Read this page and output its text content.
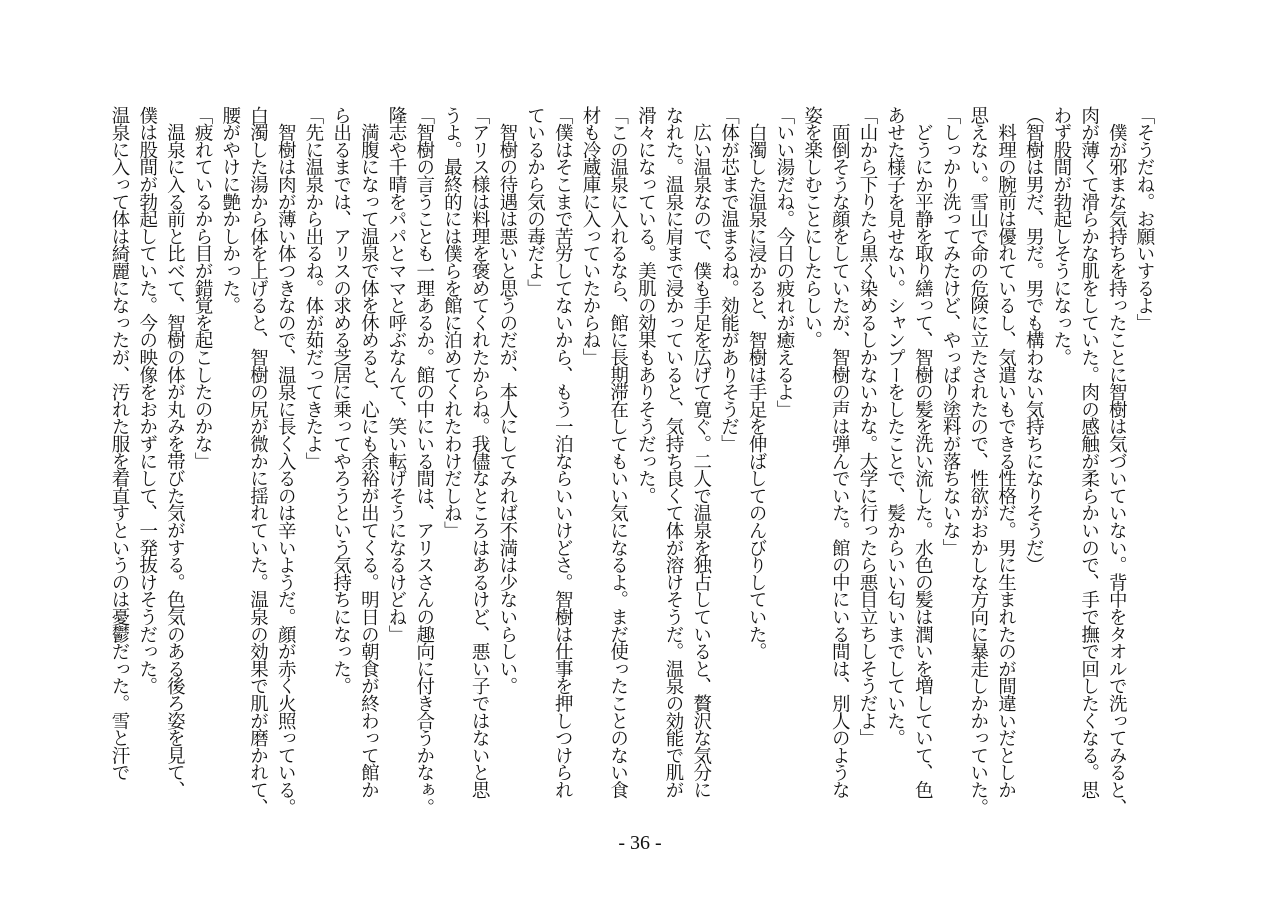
「そうだね。お願いするよ」
　僕が邪まな気持ちを持ったことに智樹は気づいていない。背中をタオルで洗ってみると、
肉が薄くて滑らかな肌をしていた。肉の感触が柔らかいので、手で撫で回したくなる。思
わず股間が勃起しそうになった。
（智樹は男だ、男だ。男でも構わない気持ちになりそうだ）
　料理の腕前は優れているし、気遣いもできる性格だ。男に生まれたのが間違いだとしか
思えない。雪山で命の危険に立たされたので、性欲がおかしな方向に暴走しかかっていた。
「しっかり洗ってみたけど、やっぱり塗料が落ちないな」
　どうにか平静を取り繕って、智樹の髪を洗い流した。水色の髪は潤いを増していて、色
あせた様子を見せない。シャンプーをしたことで、髪からいい匂いまでしていた。
「山から下りたら黒く染めるしかないかな。大学に行ったら悪目立ちしそうだよ」
　面倒そうな顔をしていたが、智樹の声は弾んでいた。館の中にいる間は、別人のような
姿を楽しむことにしたらしい。
「いい湯だね。今日の疲れが癒えるよ」
　白濁した温泉に浸かると、智樹は手足を伸ばしてのんびりしていた。
「体が芯まで温まるね。効能がありそうだ」
　広い温泉なので、僕も手足を広げて寛ぐ。二人で温泉を独占していると、贅沢な気分に
なれた。温泉に肩まで浸かっていると、気持ち良くて体が溶けそうだ。温泉の効能で肌が
滑々になっている。美肌の効果もありそうだった。
「この温泉に入れるなら、館に長期滞在してもいい気になるよ。まだ使ったことのない食
材も冷蔵庫に入っていたからね」
「僕はそこまで苦労してないから、もう一泊ならいいけどさ。智樹は仕事を押しつけられ
ているから気の毒だよ」
　智樹の待遇は悪いと思うのだが、本人にしてみれば不満は少ないらしい。
「アリス様は料理を褒めてくれたからね。我儘なところはあるけど、悪い子ではないと思
うよ。最終的には僕らを館に泊めてくれたわけだしね」
「智樹の言うことも一理あるか。館の中にいる間は、アリスさんの趣向に付き合うかなぁ。
隆志や千晴をパパとママと呼ぶなんて、笑い転げそうになるけどね」
　満腹になって温泉で体を休めると、心にも余裕が出てくる。明日の朝食が終わって館か
ら出るまでは、アリスの求める芝居に乗ってやろうという気持ちになった。
「先に温泉から出るね。体が茹だってきたよ」
　智樹は肉が薄い体つきなので、温泉に長く入るのは辛いようだ。顔が赤く火照っている。
白濁した湯から体を上げると、智樹の尻が微かに揺れていた。温泉の効果で肌が磨かれて、
腰がやけに艶かしかった。
「疲れているから目が錯覚を起こしたのかな」
　温泉に入る前と比べて、智樹の体が丸みを帯びた気がする。色気のある後ろ姿を見て、
僕は股間が勃起していた。今の映像をおかずにして、一発抜けそうだった。
温泉に入って体は綺麗になったが、汚れた服を着直すというのは憂鬱だった。雪と汗で
- 36 -
